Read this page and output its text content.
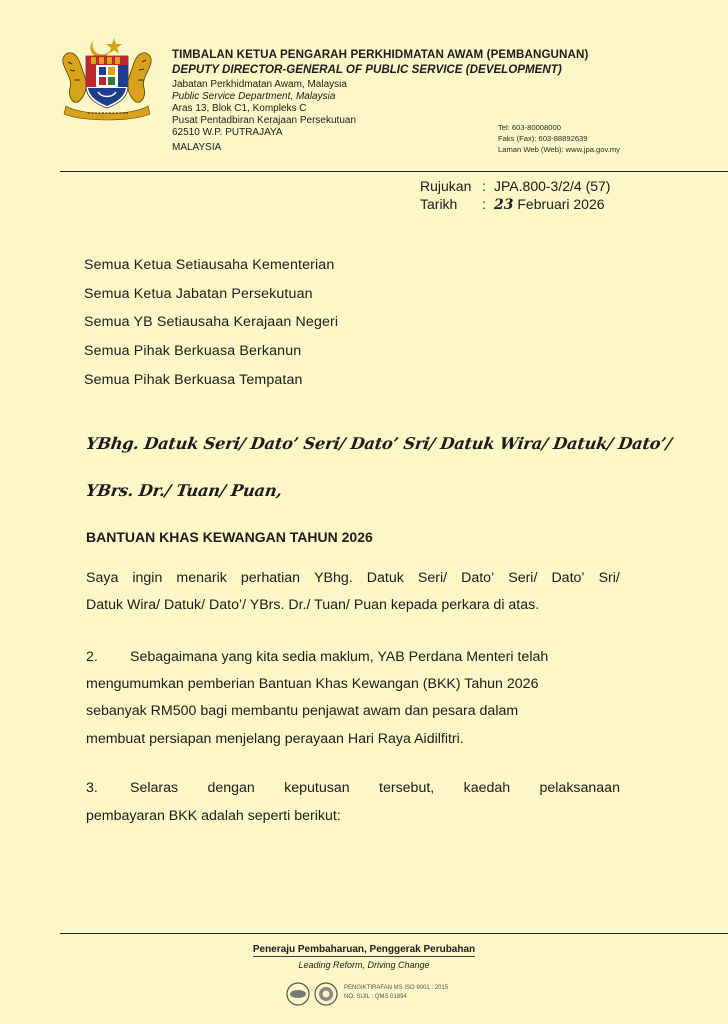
TIMBALAN KETUA PENGARAH PERKHIDMATAN AWAM (PEMBANGUNAN)
DEPUTY DIRECTOR-GENERAL OF PUBLIC SERVICE (DEVELOPMENT)
Jabatan Perkhidmatan Awam, Malaysia
Public Service Department, Malaysia
Aras 13, Blok C1, Kompleks C
Pusat Pentadbiran Kerajaan Persekutuan
62510 W.P. PUTRAJAYA
MALAYSIA
Tel: 603-80008000
Faks (Fax): 603-88892639
Laman Web (Web): www.jpa.gov.my
Rujukan : JPA.800-3/2/4 (57)
Tarikh : 23 Februari 2026
Semua Ketua Setiausaha Kementerian
Semua Ketua Jabatan Persekutuan
Semua YB Setiausaha Kerajaan Negeri
Semua Pihak Berkuasa Berkanun
Semua Pihak Berkuasa Tempatan
YBhg. Datuk Seri/ Dato’ Seri/ Dato’ Sri/ Datuk Wira/ Datuk/ Dato’/
YBrs. Dr./ Tuan/ Puan,
BANTUAN KHAS KEWANGAN TAHUN 2026
Saya ingin menarik perhatian YBhg. Datuk Seri/ Dato’ Seri/ Dato’ Sri/
Datuk Wira/ Datuk/ Dato’/ YBrs. Dr./ Tuan/ Puan kepada perkara di atas.
2. Sebagaimana yang kita sedia maklum, YAB Perdana Menteri telah
mengumumkan pemberian Bantuan Khas Kewangan (BKK) Tahun 2026
sebanyak RM500 bagi membantu penjawat awam dan pesara dalam
membuat persiapan menjelang perayaan Hari Raya Aidilfitri.
3. Selaras dengan keputusan tersebut, kaedah pelaksanaan
pembayaran BKK adalah seperti berikut:
Peneraju Pembaharuan, Penggerak Perubahan
Leading Reform, Driving Change
PENGIKTIRAFAN MS ISO 9001 : 2015
NO. SIJIL : QMS 01894
